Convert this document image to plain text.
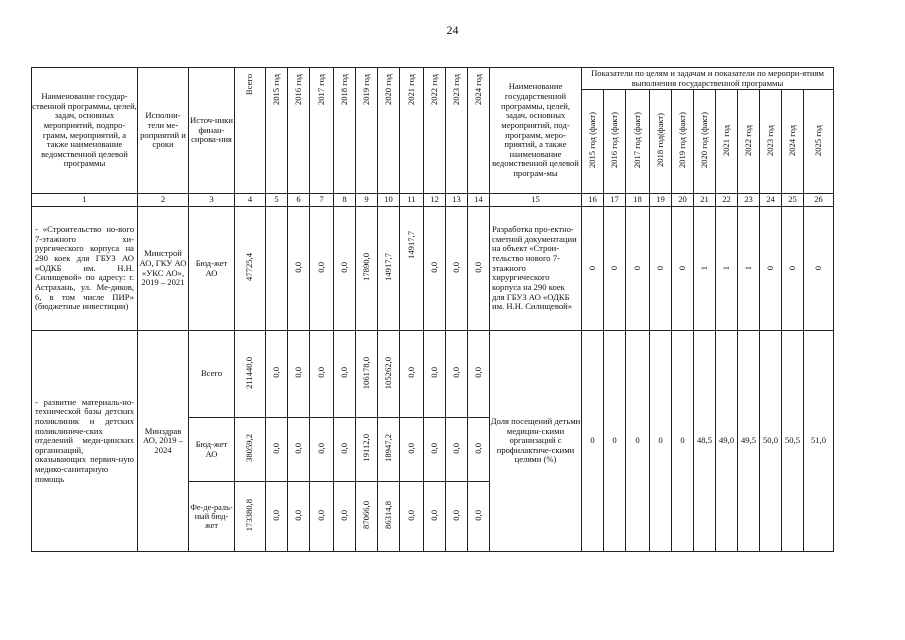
24
Наименование государ-ственной программы, целей, задач, основных мероприятий, подпро-грамм, мероприятий, а также наименование ведомственной целевой программы	Исполни-тели ме-роприятий и сроки	Источ-ники финан-сирова-ния	Всего	2015 год	2016 год	2017 год	2018 год	2019 год	2020 год	2021 год	2022 год	2023 год	2024 год	Наименование государственной программы, целей, задач, основных мероприятий, под-программ, меро-приятий, а также наименование ведомственной целевой програм-мы	Показатели по целям и задачам и показатели по меропри-ятиям выполнения государственной программы										
															2015 год (факт)	2016 год (факт)	2017 год (факт)	2018 год(факт)	2019 год (факт)	2020 год (факт)	2021 год	2022 год	2023 год	2024 год	2025 год
1	2	3	4	5	6	7	8	9	10	11	12	13	14	15	16	17	18	19	20	21	22	23	24	25	26
- «Строительство но-вого 7-этажного хи-рургического корпуса на 290 коек для ГБУЗ АО «ОДКБ им. Н.Н. Силищевой» по адресу: г. Астрахань, ул. Ме-диков, 6, в том числе ПИР» (бюджетные инвестиции)	Минстрой АО, ГКУ АО «УКС АО», 2019 – 2021	Бюд-жет АО	47725,4		0,0	0,0	0,0	17890,0	14917,7	14917,7	0,0	0,0	0,0	Разработка про-ектно-сметной документации на объект «Строи-тельство нового 7-этажного хирургического корпуса на 290 коек для ГБУЗ АО «ОДКБ им. Н.Н. Силищевой»	0	0	0	0	0	1	1	1	0	0	0
- развитие материаль-но-технической базы детских поликлиник и детских поликлиниче-ских отделений меди-цинских организаций, оказывающих первич-ную медико-санитарную помощь	Минздрав АО, 2019 – 2024	Всего	211440,0	0,0	0,0	0,0	0,0	106178,0	105262,0	0,0	0,0	0,0	0,0	Доля посещений детьми медицин-скими организаций с профилактиче-скими целями (%)	0	0	0	0	0	48,5	49,0	49,5	50,0	50,5	51,0
		Бюд-жет АО	38059,2	0,0	0,0	0,0	0,0	19112,0	18947,2	0,0	0,0	0,0	0,0												
		Фе-де-раль-ный бюд-жет	173380,8	0,0	0,0	0,0	0,0	87066,0	86314,8	0,0	0,0	0,0	0,0												
